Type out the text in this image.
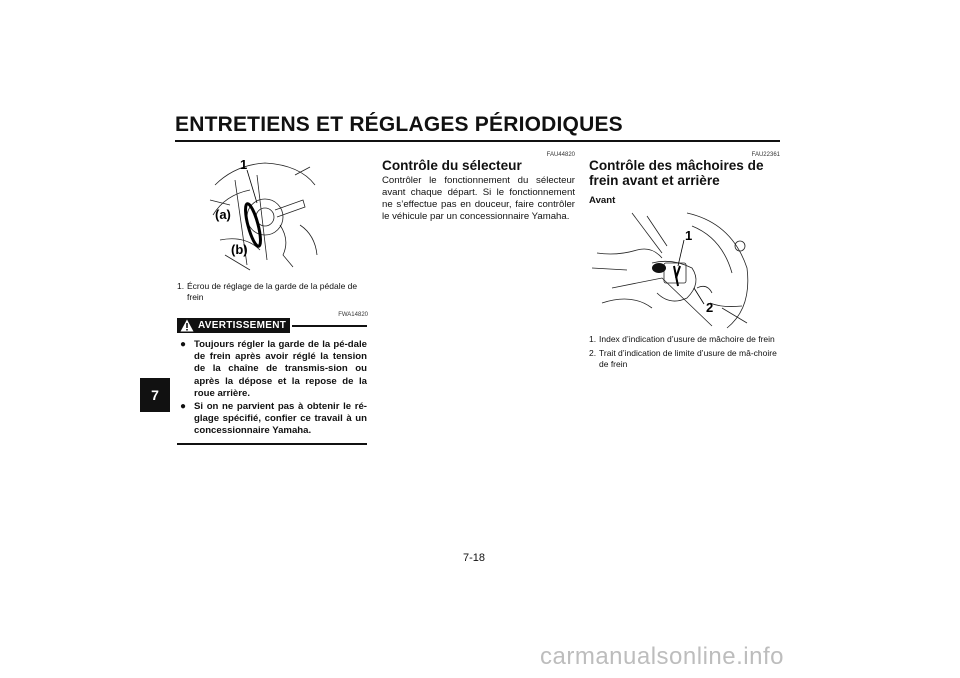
ENTRETIENS ET RÉGLAGES PÉRIODIQUES
7
1
(a)
(b)
1. Écrou de réglage de la garde de la pédale de frein
FWA14820
AVERTISSEMENT
● Toujours régler la garde de la pé-dale de frein après avoir réglé la tension de la chaîne de transmis-sion ou après la dépose et la repose de la roue arrière.
● Si on ne parvient pas à obtenir le ré-glage spécifié, confier ce travail à un concessionnaire Yamaha.
FAU44820
Contrôle du sélecteur

Contrôler le fonctionnement du sélecteur avant chaque départ. Si le fonctionnement ne s’effectue pas en douceur, faire contrôler le véhicule par un concessionnaire Yamaha.

FAU22361
Contrôle des mâchoires de frein avant et arrière
Avant
1
2
1. Index d’indication d’usure de mâchoire de frein
2. Trait d’indication de limite d’usure de mâ-choire de frein
7-18
carmanualsonline.info
